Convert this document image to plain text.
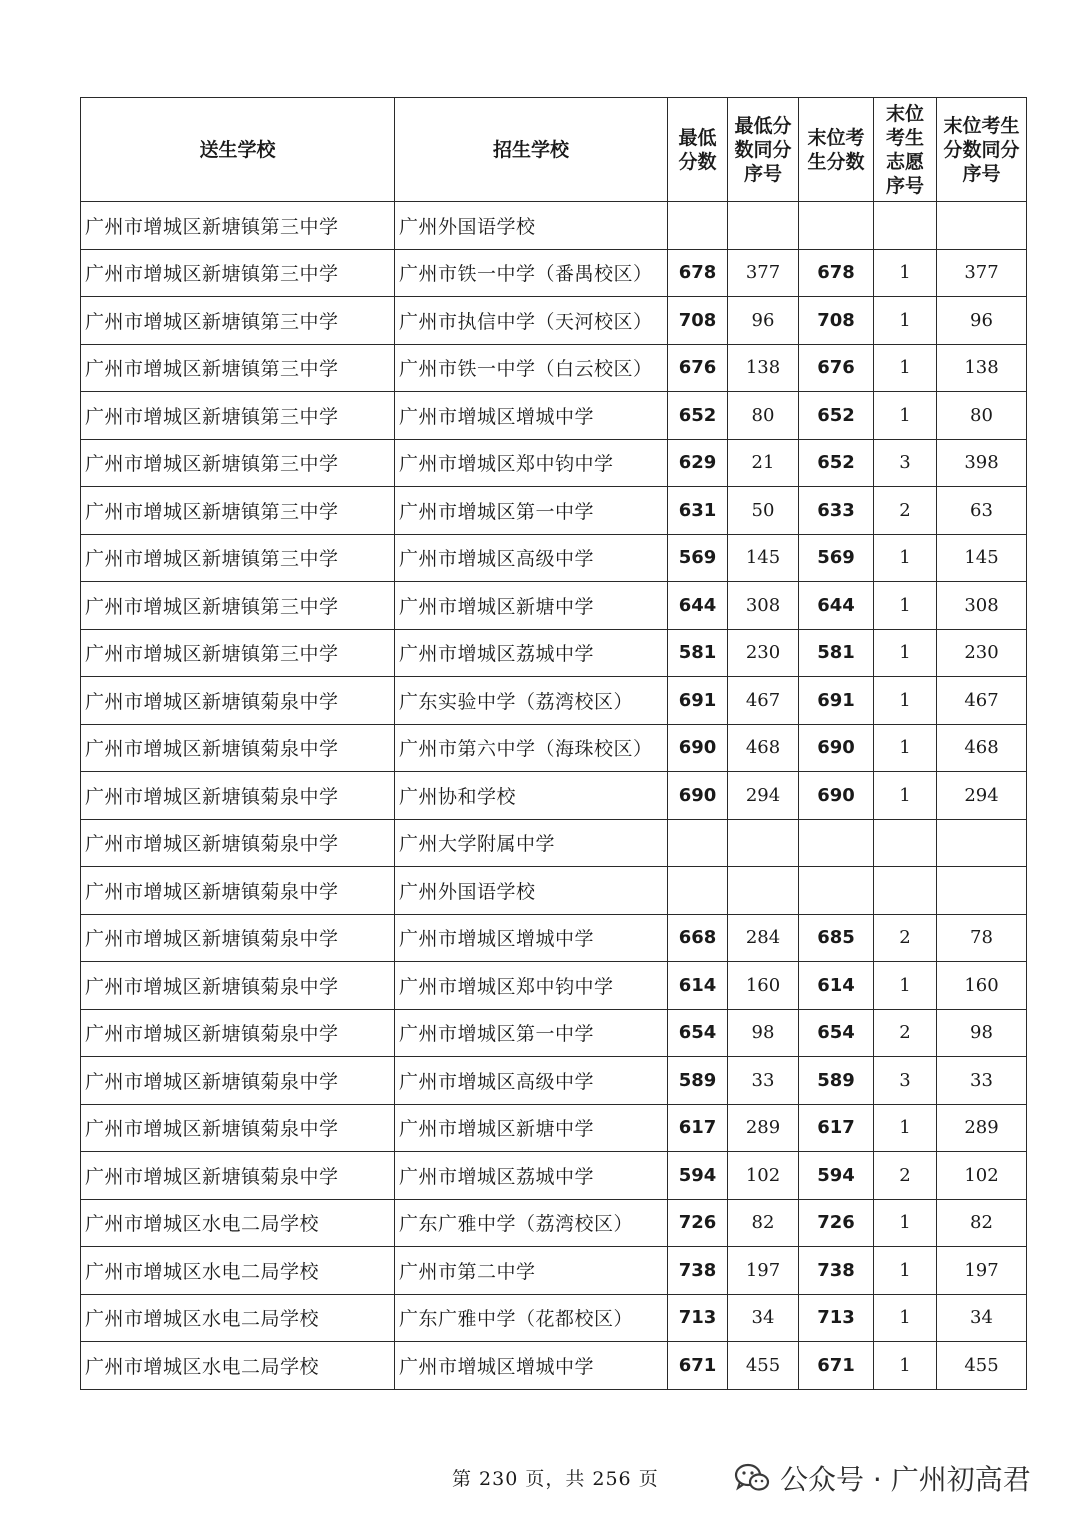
送生学校	招生学校	最低分数	最低分数同分序号	末位考生分数	末位考生志愿序号	末位考生分数同分序号
广州市增城区新塘镇第三中学	广州外国语学校					
广州市增城区新塘镇第三中学	广州市铁一中学（番禺校区）	678	377	678	1	377
广州市增城区新塘镇第三中学	广州市执信中学（天河校区）	708	96	708	1	96
广州市增城区新塘镇第三中学	广州市铁一中学（白云校区）	676	138	676	1	138
广州市增城区新塘镇第三中学	广州市增城区增城中学	652	80	652	1	80
广州市增城区新塘镇第三中学	广州市增城区郑中钧中学	629	21	652	3	398
广州市增城区新塘镇第三中学	广州市增城区第一中学	631	50	633	2	63
广州市增城区新塘镇第三中学	广州市增城区高级中学	569	145	569	1	145
广州市增城区新塘镇第三中学	广州市增城区新塘中学	644	308	644	1	308
广州市增城区新塘镇第三中学	广州市增城区荔城中学	581	230	581	1	230
广州市增城区新塘镇菊泉中学	广东实验中学（荔湾校区）	691	467	691	1	467
广州市增城区新塘镇菊泉中学	广州市第六中学（海珠校区）	690	468	690	1	468
广州市增城区新塘镇菊泉中学	广州协和学校	690	294	690	1	294
广州市增城区新塘镇菊泉中学	广州大学附属中学					
广州市增城区新塘镇菊泉中学	广州外国语学校					
广州市增城区新塘镇菊泉中学	广州市增城区增城中学	668	284	685	2	78
广州市增城区新塘镇菊泉中学	广州市增城区郑中钧中学	614	160	614	1	160
广州市增城区新塘镇菊泉中学	广州市增城区第一中学	654	98	654	2	98
广州市增城区新塘镇菊泉中学	广州市增城区高级中学	589	33	589	3	33
广州市增城区新塘镇菊泉中学	广州市增城区新塘中学	617	289	617	1	289
广州市增城区新塘镇菊泉中学	广州市增城区荔城中学	594	102	594	2	102
广州市增城区水电二局学校	广东广雅中学（荔湾校区）	726	82	726	1	82
广州市增城区水电二局学校	广州市第二中学	738	197	738	1	197
广州市增城区水电二局学校	广东广雅中学（花都校区）	713	34	713	1	34
广州市增城区水电二局学校	广州市增城区增城中学	671	455	671	1	455
第 230 页，共 256 页	公众号 · 广州初高君
